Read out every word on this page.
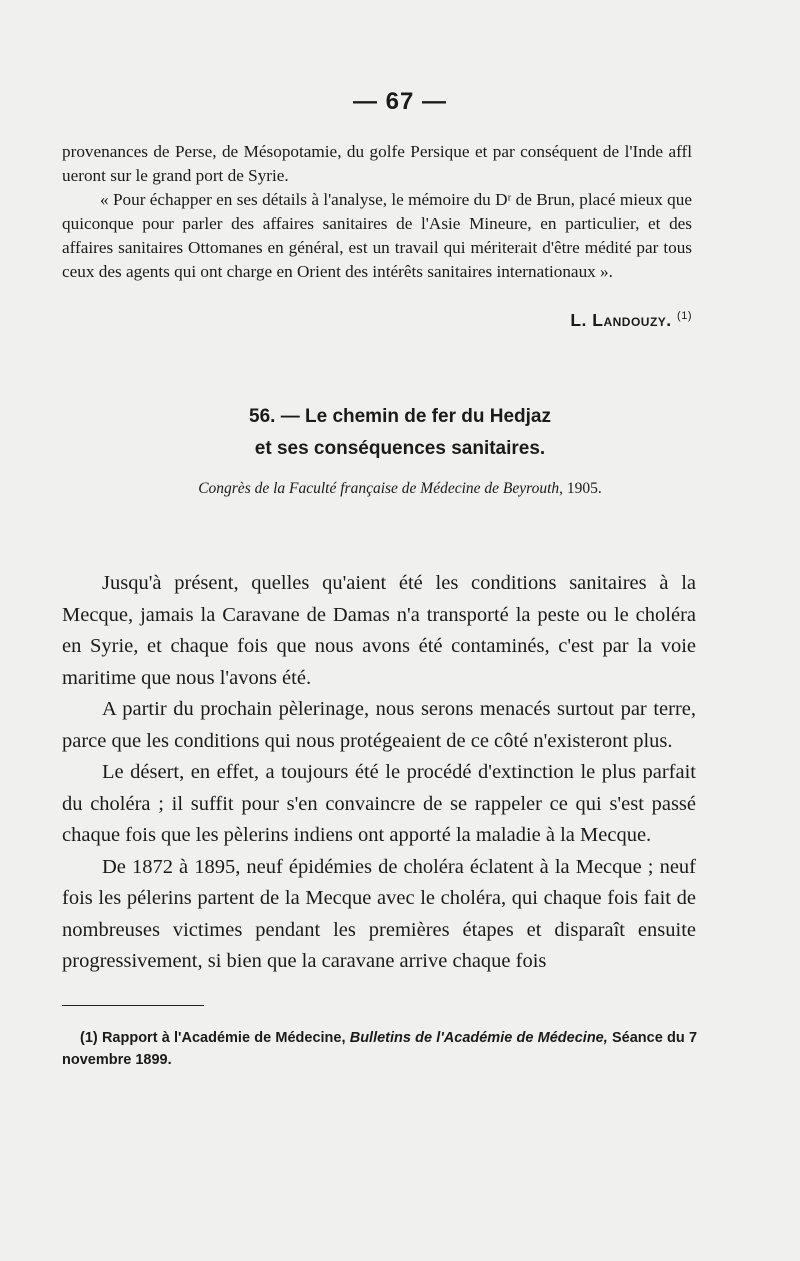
— 67 —

provenances de Perse, de Mésopotamie, du golfe Persique et par conséquent de l'Inde affl ueront sur le grand port de Syrie.

« Pour échapper en ses détails à l'analyse, le mémoire du Dʳ de Brun, placé mieux que quiconque pour parler des affaires sanitaires de l'Asie Mineure, en particulier, et des affaires sanitaires Ottomanes en général, est un travail qui mériterait d'être médité par tous ceux des agents qui ont charge en Orient des intérêts sanitaires internationaux ».

L. Landouzy. $^{(1)}$
56. — Le chemin de fer du Hedjaz
et ses conséquences sanitaires.
Congrès de la Faculté française de Médecine de Beyrouth, 1905.

Jusqu'à présent, quelles qu'aient été les conditions sanitaires à la Mecque, jamais la Caravane de Damas n'a transporté la peste ou le choléra en Syrie, et chaque fois que nous avons été contaminés, c'est par la voie maritime que nous l'avons été.

A partir du prochain pèlerinage, nous serons menacés surtout par terre, parce que les conditions qui nous protégeaient de ce côté n'existeront plus.

Le désert, en effet, a toujours été le procédé d'extinction le plus parfait du choléra ; il suffit pour s'en convaincre de se rappeler ce qui s'est passé chaque fois que les pèlerins indiens ont apporté la maladie à la Mecque.

De 1872 à 1895, neuf épidémies de choléra éclatent à la Mecque ; neuf fois les pélerins partent de la Mecque avec le choléra, qui chaque fois fait de nombreuses victimes pendant les premières étapes et disparaît ensuite progressivement, si bien que la caravane arrive chaque fois

(1) Rapport à l'Académie de Médecine, Bulletins de l'Académie de Médecine, Séance du 7 novembre 1899.
